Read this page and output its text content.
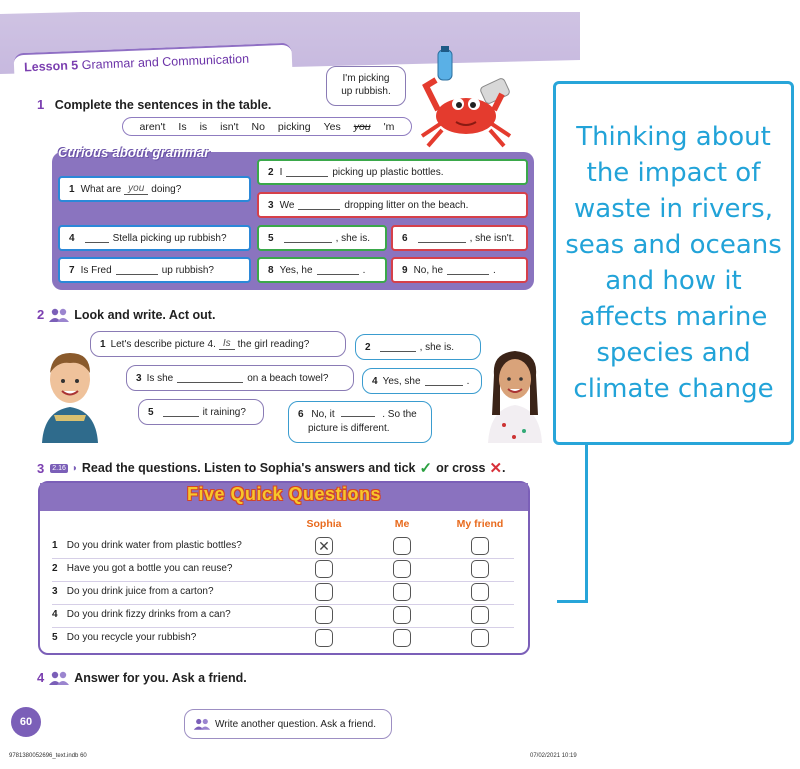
Lesson 5 Grammar and Communication
1 Complete the sentences in the table.
I'm picking
up rubbish.
aren't Is is isn't No picking Yes you 'm
Curious about grammar
1 What are you doing?
2 I	picking up plastic bottles.
3 We	dropping litter on the beach.
4	Stella picking up rubbish?	5	, she is.	6	, she isn't.
7 Is Fred	up rubbish?	8 Yes, he	.	9 No, he	.
2 Look and write. Act out.
1 Let's describe picture 4. Is the girl reading?
3 Is she	on a beach towel?
5	it raining?
2	, she is.
4 Yes, she	.
6 No, it	. So the
picture is different.
3 2.16 ◗ Read the questions. Listen to Sophia's answers and tick ✓ or cross ✕ .
Five Quick Questions
Sophia	Me	My friend
1 Do you drink water from plastic bottles?	✕
2 Have you got a bottle you can reuse?
3 Do you drink juice from a carton?
4 Do you drink fizzy drinks from a can?
5 Do you recycle your rubbish?
4 Answer for you. Ask a friend.
60	Write another question. Ask a friend.
9781380052696_text.indb 60	07/02/2021 10:19
Thinking about the impact of waste in rivers, seas and oceans and how it affects marine species and climate change
